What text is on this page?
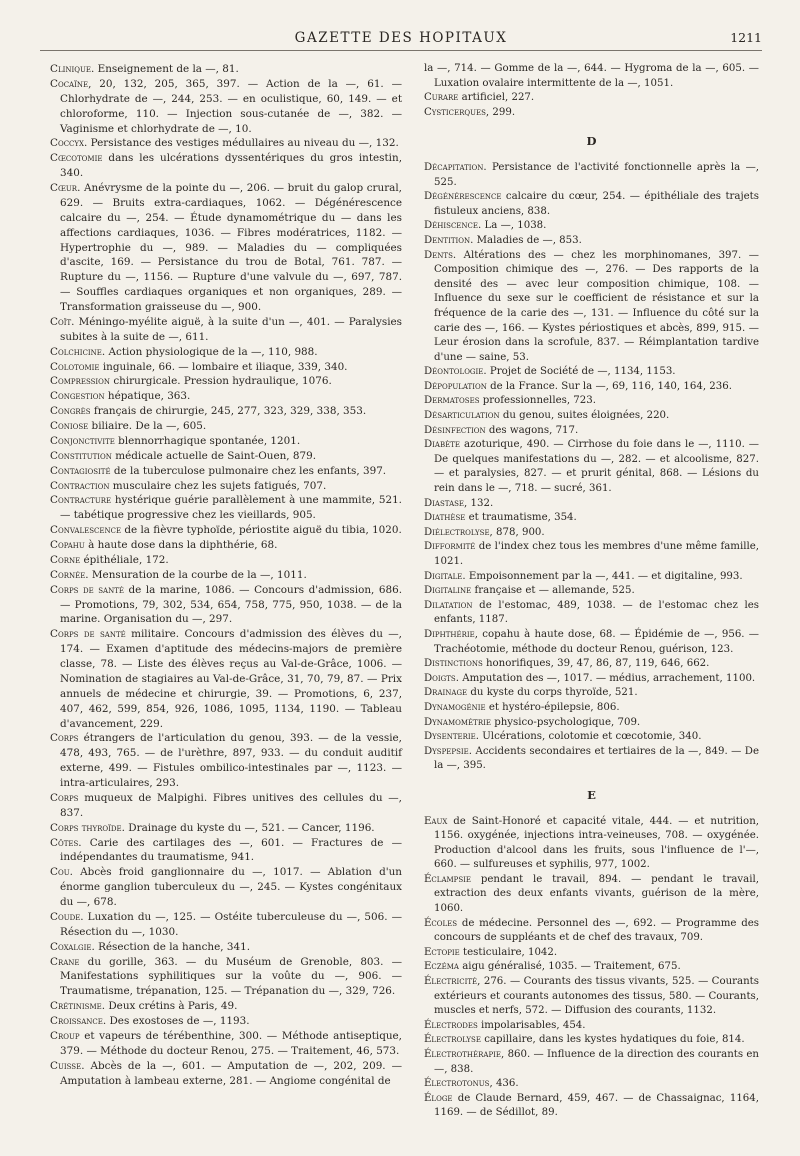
GAZETTE DES HOPITAUX	1211

Clinique. Enseignement de la —, 81.

Cocaïne, 20, 132, 205, 365, 397. — Action de la —, 61. — Chlorhydrate de —, 244, 253. — en oculistique, 60, 149. — et chloroforme, 110. — Injection sous-cutanée de —, 382. — Vaginisme et chlorhydrate de —, 10.

Coccyx. Persistance des vestiges médullaires au niveau du —, 132.

Cœcotomie dans les ulcérations dyssentériques du gros intestin, 340.

Cœur. Anévrysme de la pointe du —, 206. — bruit du galop crural, 629. — Bruits extra-cardiaques, 1062. — Dégénérescence calcaire du —, 254. — Étude dynamométrique du — dans les affections cardiaques, 1036. — Fibres modératrices, 1182. — Hypertrophie du —, 989. — Maladies du — compliquées d'ascite, 169. — Persistance du trou de Botal, 761. 787. — Rupture du —, 1156. — Rupture d'une valvule du —, 697, 787. — Souffles cardiaques organiques et non organiques, 289. — Transformation graisseuse du —, 900.

Coït. Méningo-myélite aiguë, à la suite d'un —, 401. — Paralysies subites à la suite de —, 611.

Colchicine. Action physiologique de la —, 110, 988.

Colotomie inguinale, 66. — lombaire et iliaque, 339, 340.

Compression chirurgicale. Pression hydraulique, 1076.

Congestion hépatique, 363.

Congrès français de chirurgie, 245, 277, 323, 329, 338, 353.

Coniose biliaire. De la —, 605.

Conjonctivite blennorrhagique spontanée, 1201.

Constitution médicale actuelle de Saint-Ouen, 879.

Contagiosité de la tuberculose pulmonaire chez les enfants, 397.

Contraction musculaire chez les sujets fatigués, 707.

Contracture hystérique guérie parallèlement à une mammite, 521. — tabétique progressive chez les vieillards, 905.

Convalescence de la fièvre typhoïde, périostite aiguë du tibia, 1020.

Copahu à haute dose dans la diphthérie, 68.

Corne épithéliale, 172.

Cornée. Mensuration de la courbe de la —, 1011.

Corps de santé de la marine, 1086. — Concours d'admission, 686. — Promotions, 79, 302, 534, 654, 758, 775, 950, 1038. — de la marine. Organisation du —, 297.

Corps de santé militaire. Concours d'admission des élèves du —, 174. — Examen d'aptitude des médecins-majors de première classe, 78. — Liste des élèves reçus au Val-de-Grâce, 1006. — Nomination de stagiaires au Val-de-Grâce, 31, 70, 79, 87. — Prix annuels de médecine et chirurgie, 39. — Promotions, 6, 237, 407, 462, 599, 854, 926, 1086, 1095, 1134, 1190. — Tableau d'avancement, 229.

Corps étrangers de l'articulation du genou, 393. — de la vessie, 478, 493, 765. — de l'urèthre, 897, 933. — du conduit auditif externe, 499. — Fistules ombilico-intestinales par —, 1123. — intra-articulaires, 293.

Corps muqueux de Malpighi. Fibres unitives des cellules du —, 837.

Corps thyroïde. Drainage du kyste du —, 521. — Cancer, 1196.

Côtes. Carie des cartilages des —, 601. — Fractures de — indépendantes du traumatisme, 941.

Cou. Abcès froid ganglionnaire du —, 1017. — Ablation d'un énorme ganglion tuberculeux du —, 245. — Kystes congénitaux du —, 678.

Coude. Luxation du —, 125. — Ostéite tuberculeuse du —, 506. — Résection du —, 1030.

Coxalgie. Résection de la hanche, 341.

Crane du gorille, 363. — du Muséum de Grenoble, 803. — Manifestations syphilitiques sur la voûte du —, 906. — Traumatisme, trépanation, 125. — Trépanation du —, 329, 726.

Crétinisme. Deux crétins à Paris, 49.

Croissance. Des exostoses de —, 1193.

Croup et vapeurs de térébenthine, 300. — Méthode antiseptique, 379. — Méthode du docteur Renou, 275. — Traitement, 46, 573.

Cuisse. Abcès de la —, 601. — Amputation de —, 202, 209. — Amputation à lambeau externe, 281. — Angiome congénital de

la —, 714. — Gomme de la —, 644. — Hygroma de la —, 605. — Luxation ovalaire intermittente de la —, 1051.

Curare artificiel, 227.

Cysticerques, 299.

D

Décapitation. Persistance de l'activité fonctionnelle après la —, 525.

Dégénérescence calcaire du cœur, 254. — épithéliale des trajets fistuleux anciens, 838.

Déhiscence. La —, 1038.

Dentition. Maladies de —, 853.

Dents. Altérations des — chez les morphinomanes, 397. — Composition chimique des —, 276. — Des rapports de la densité des — avec leur composition chimique, 108. — Influence du sexe sur le coefficient de résistance et sur la fréquence de la carie des —, 131. — Influence du côté sur la carie des —, 166. — Kystes périostiques et abcès, 899, 915. — Leur érosion dans la scrofule, 837. — Réimplantation tardive d'une — saine, 53.

Déontologie. Projet de Société de —, 1134, 1153.

Dépopulation de la France. Sur la —, 69, 116, 140, 164, 236.

Dermatoses professionnelles, 723.

Désarticulation du genou, suites éloignées, 220.

Désinfection des wagons, 717.

Diabète azoturique, 490. — Cirrhose du foie dans le —, 1110. — De quelques manifestations du —, 282. — et alcoolisme, 827. — et paralysies, 827. — et prurit génital, 868. — Lésions du rein dans le —, 718. — sucré, 361.

Diastase, 132.

Diathèse et traumatisme, 354.

Diélectrolyse, 878, 900.

Difformité de l'index chez tous les membres d'une même famille, 1021.

Digitale. Empoisonnement par la —, 441. — et digitaline, 993.

Digitaline française et — allemande, 525.

Dilatation de l'estomac, 489, 1038. — de l'estomac chez les enfants, 1187.

Diphthérie, copahu à haute dose, 68. — Épidémie de —, 956. — Trachéotomie, méthode du docteur Renou, guérison, 123.

Distinctions honorifiques, 39, 47, 86, 87, 119, 646, 662.

Doigts. Amputation des —, 1017. — médius, arrachement, 1100.

Drainage du kyste du corps thyroïde, 521.

Dynamogénie et hystéro-épilepsie, 806.

Dynamométrie physico-psychologique, 709.

Dysenterie. Ulcérations, colotomie et cœcotomie, 340.

Dyspepsie. Accidents secondaires et tertiaires de la —, 849. — De la —, 395.

E

Eaux de Saint-Honoré et capacité vitale, 444. — et nutrition, 1156. oxygénée, injections intra-veineuses, 708. — oxygénée. Production d'alcool dans les fruits, sous l'influence de l'—, 660. — sulfureuses et syphilis, 977, 1002.

Éclampsie pendant le travail, 894. — pendant le travail, extraction des deux enfants vivants, guérison de la mère, 1060.

Écoles de médecine. Personnel des —, 692. — Programme des concours de suppléants et de chef des travaux, 709.

Ectopie testiculaire, 1042.

Eczéma aigu généralisé, 1035. — Traitement, 675.

Électricité, 276. — Courants des tissus vivants, 525. — Courants extérieurs et courants autonomes des tissus, 580. — Courants, muscles et nerfs, 572. — Diffusion des courants, 1132.

Électrodes impolarisables, 454.

Électrolyse capillaire, dans les kystes hydatiques du foie, 814.

Électrothérapie, 860. — Influence de la direction des courants en —, 838.

Électrotonus, 436.

Éloge de Claude Bernard, 459, 467. — de Chassaignac, 1164, 1169. — de Sédillot, 89.
